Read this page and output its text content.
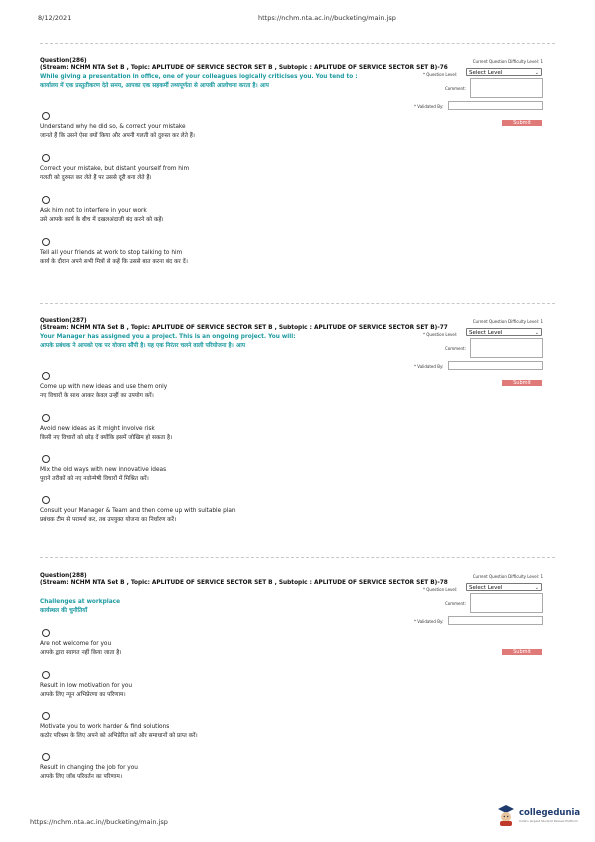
8/12/2021	https://nchm.nta.ac.in//bucketing/main.jsp
Question(286)
(Stream: NCHM NTA Set B , Topic: APLITUDE OF SERVICE SECTOR SET B , Subtopic : APLITUDE OF SERVICE SECTOR SET B)-76
While giving a presentation in office, one of your colleagues logically criticises you. You tend to :
कार्यालय में एक प्रस्तुतीकरण देते समय, आपका एक सहकर्मी तथ्यपूर्णता से आपकी आलोचना करता है। आप
Current Question Difficulty Level: 1
* Question Level:	Select Level	⌄
Comment:
* Validated By:
Submit
Understand why he did so, & correct your mistake
जानते हैं कि उसने ऐसा क्यों किया और अपनी गलती को दुरुस्त कर लेते हैं।
Correct your mistake, but distant yourself from him
गलती को दुरुस्त कर लेते हैं पर उससे दूरी बना लेते हैं।
Ask him not to interfere in your work
उसे आपके कार्य के बीच में दखलअंदाजी बंद करने को कहें।
Tell all your friends at work to stop talking to him
कार्य के दौरान अपने सभी मित्रों से कहें कि उससे बात करना बंद कर दें।
Question(287)
(Stream: NCHM NTA Set B , Topic: APLITUDE OF SERVICE SECTOR SET B , Subtopic : APLITUDE OF SERVICE SECTOR SET B)-77
Your Manager has assigned you a project. This is an ongoing project. You will:
आपके प्रबंधक ने आपको एक पर योजना सौंपी है। यह एक निरंतर चलने वाली परियोजना है। आप
Current Question Difficulty Level: 1
* Question Level:	Select Level	⌄
Comment:
* Validated By:
Submit
Come up with new ideas and use them only
नए विचारों के साथ आकर केवल उन्हीं का उपयोग करें।
Avoid new ideas as it might involve risk
किसी नए विचारों को छोड़ दें क्योंकि इसमें जोखिम हो सकता है।
Mix the old ways with new innovative ideas
पुराने तरीकों को नए नवोन्मेषी विचारों में मिश्रित करें।
Consult your Manager & Team and then come up with suitable plan
प्रबंधक टीम से परामर्श कर, तब उपयुक्त योजना का निर्धारण करें।
Question(288)
(Stream: NCHM NTA Set B , Topic: APLITUDE OF SERVICE SECTOR SET B , Subtopic : APLITUDE OF SERVICE SECTOR SET B)-78
Challenges at workplace
कार्यस्थल की चुनौतियाँ
Current Question Difficulty Level: 1
* Question Level:	Select Level	⌄
Comment:
* Validated By:
Submit
Are not welcome for you
आपके द्वारा स्वागत नहीं किया जाता है।
Result in low motivation for you
आपके लिए न्यून अभिप्रेरणा का परिणाम।
Motivate you to work harder & find solutions
कठोर परिश्रम के लिए अपने को अभिप्रेरित करें और समाधानों को प्राप्त करें।
Result in changing the job for you
आपके लिए जॉब परिवर्तन का परिणाम।
https://nchm.nta.ac.in//bucketing/main.jsp
collegedunia
India's largest Student Review Platform
